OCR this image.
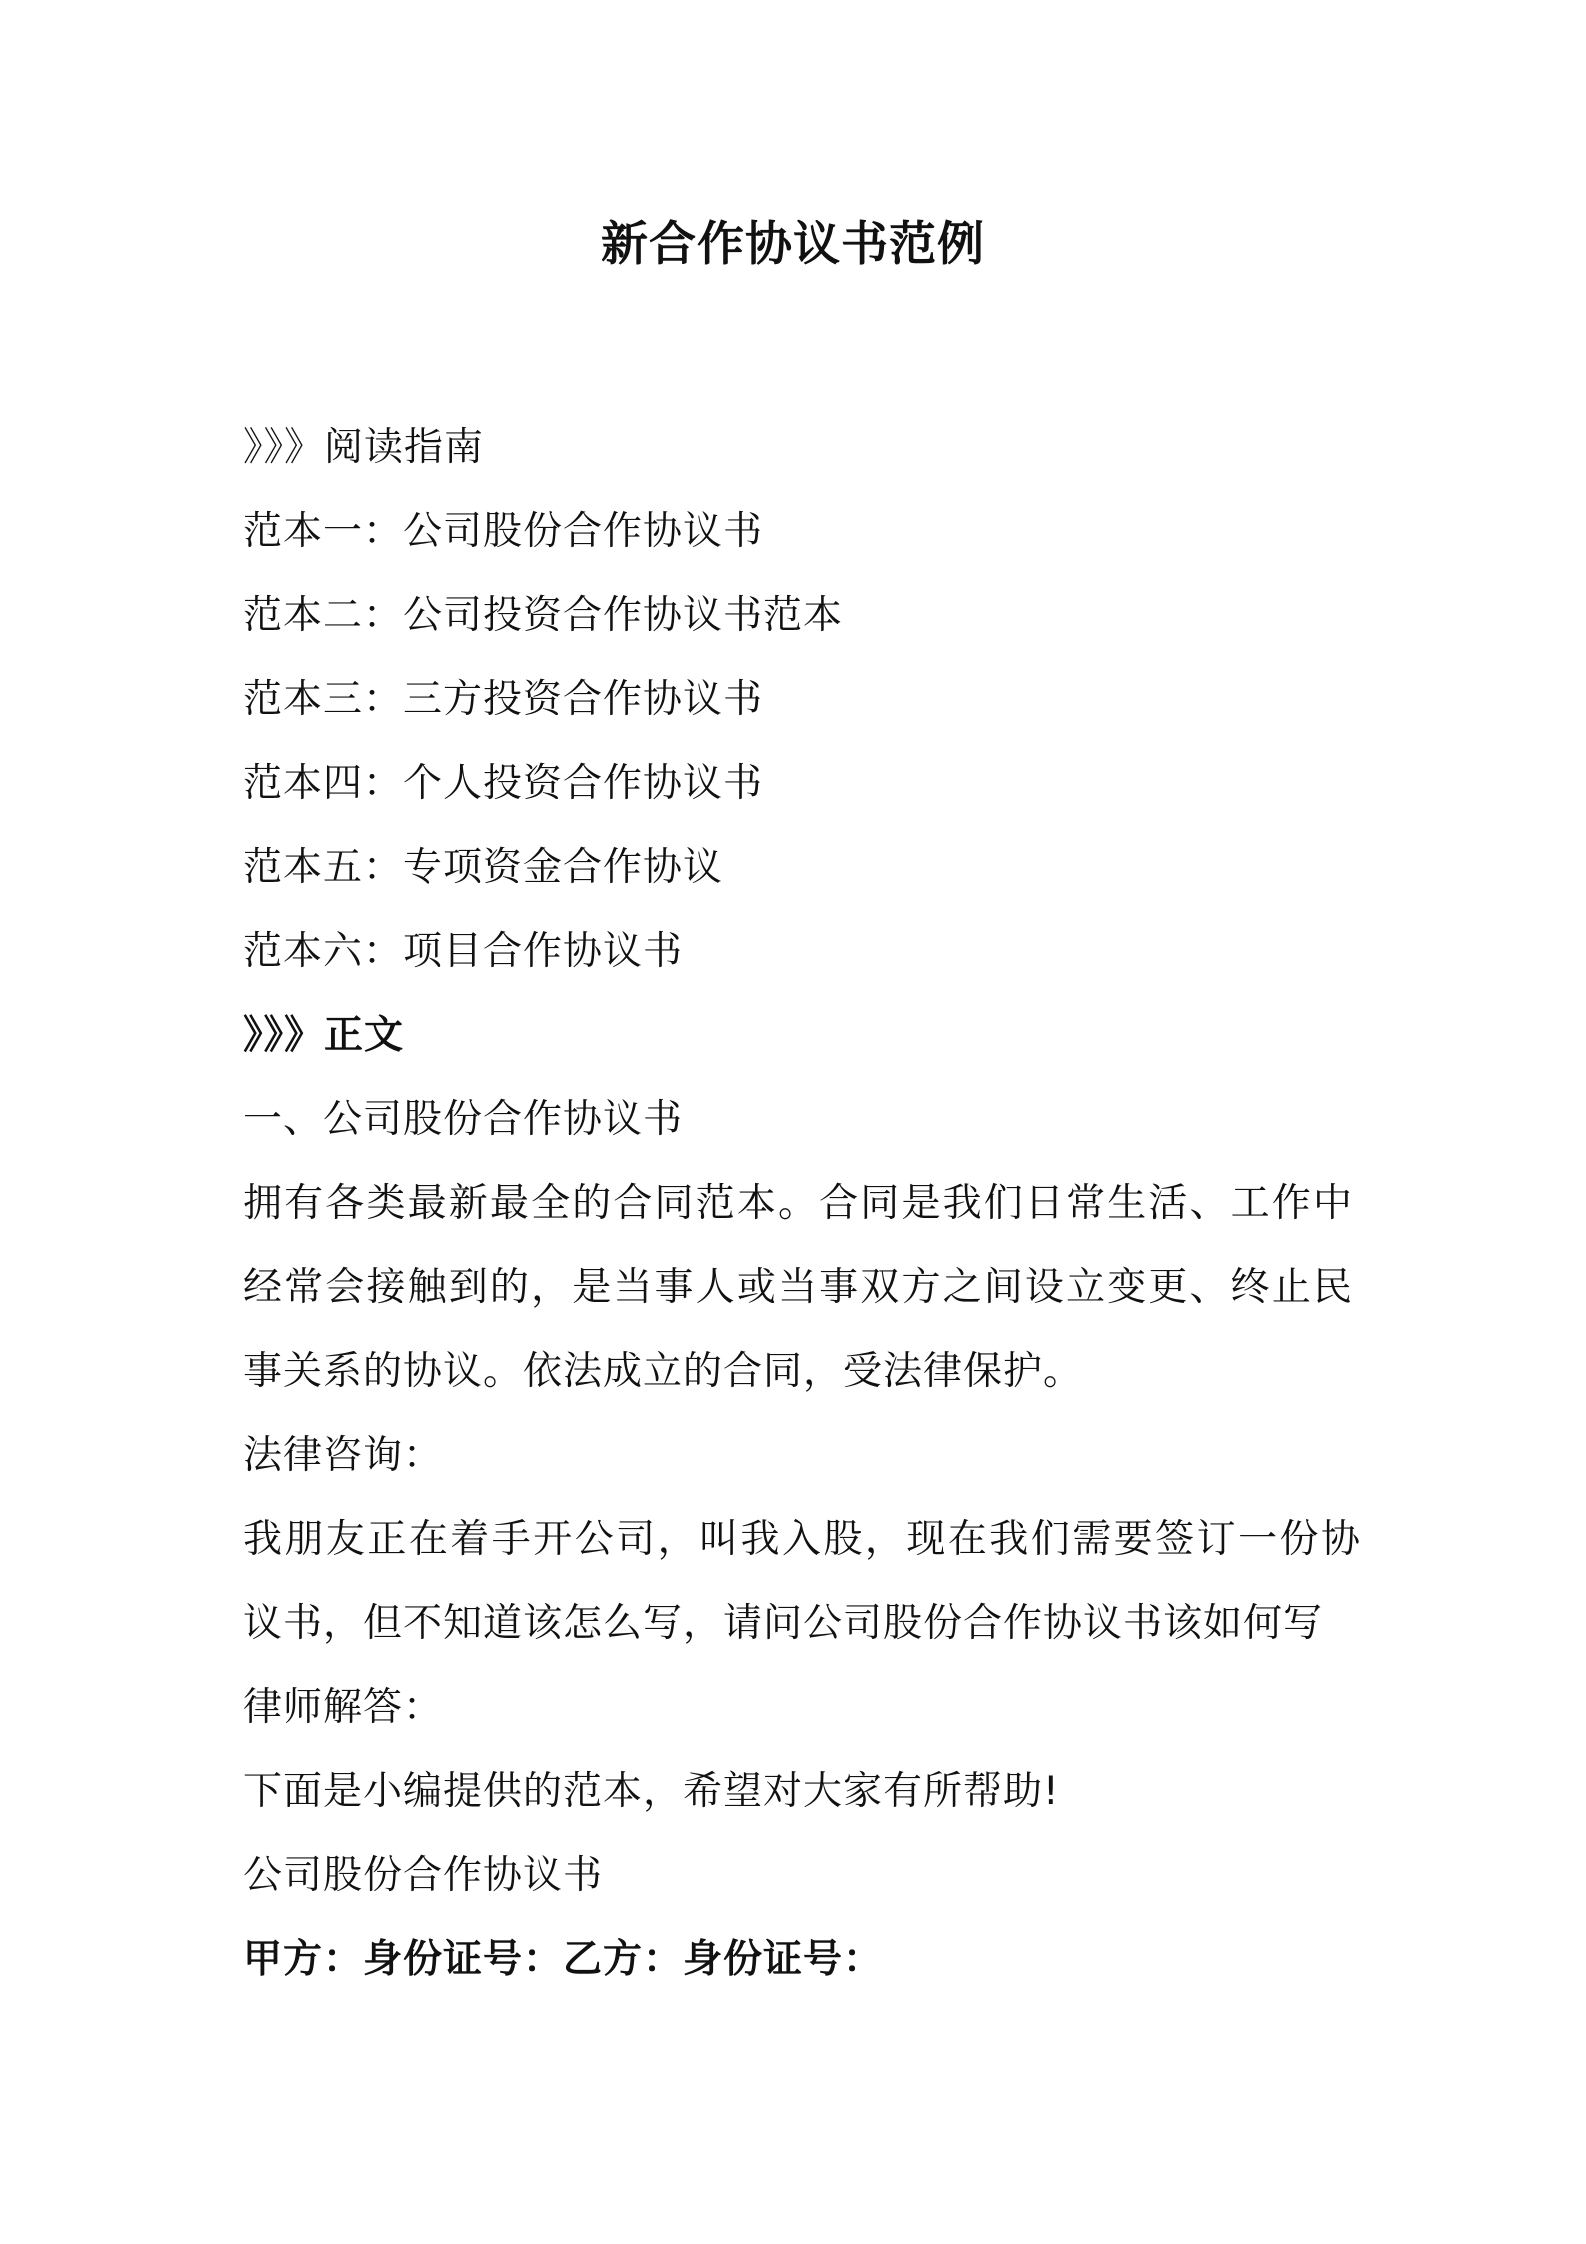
新合作协议书范例
》》》阅读指南
范本一：公司股份合作协议书
范本二：公司投资合作协议书范本
范本三：三方投资合作协议书
范本四：个人投资合作协议书
范本五：专项资金合作协议
范本六：项目合作协议书
》》》正文
一、公司股份合作协议书
拥有各类最新最全的合同范本。合同是我们日常生活、工作中经常会接触到的，是当事人或当事双方之间设立变更、终止民事关系的协议。依法成立的合同，受法律保护。
法律咨询：
我朋友正在着手开公司，叫我入股，现在我们需要签订一份协议书，但不知道该怎么写，请问公司股份合作协议书该如何写
律师解答：
下面是小编提供的范本，希望对大家有所帮助!
公司股份合作协议书
甲方：身份证号：乙方：身份证号：
